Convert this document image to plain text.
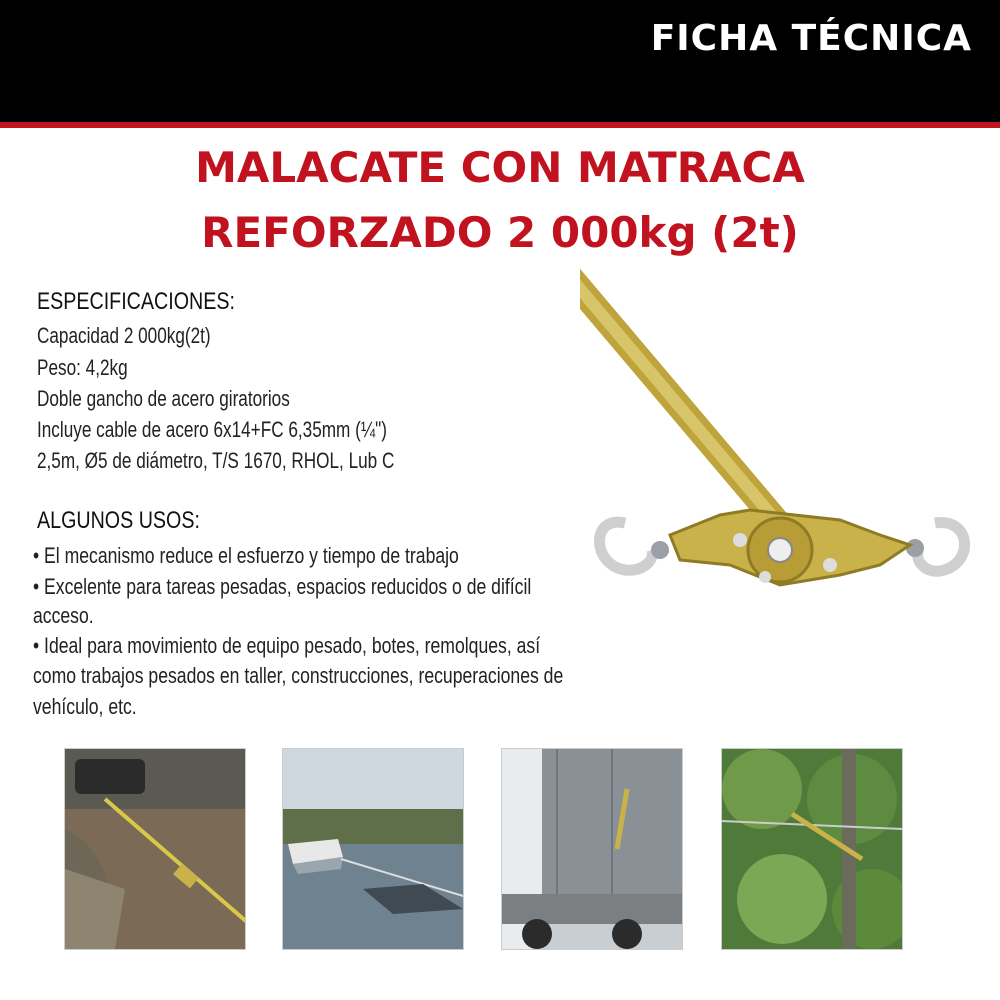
FICHA TÉCNICA
MALACATE CON MATRACA
REFORZADO 2 000kg (2t)
ESPECIFICACIONES:
Capacidad 2 000kg(2t)
Peso: 4,2kg
Doble gancho de acero giratorios
Incluye cable de acero 6x14+FC 6,35mm (¼")
2,5m, Ø5 de diámetro, T/S 1670, RHOL, Lub C
ALGUNOS USOS:
• El mecanismo reduce el esfuerzo y tiempo de trabajo
• Excelente para tareas pesadas, espacios reducidos o de difícil
acceso.
• Ideal para movimiento de equipo pesado, botes, remolques, así
como trabajos pesados en taller, construcciones, recuperaciones de
vehículo, etc.
